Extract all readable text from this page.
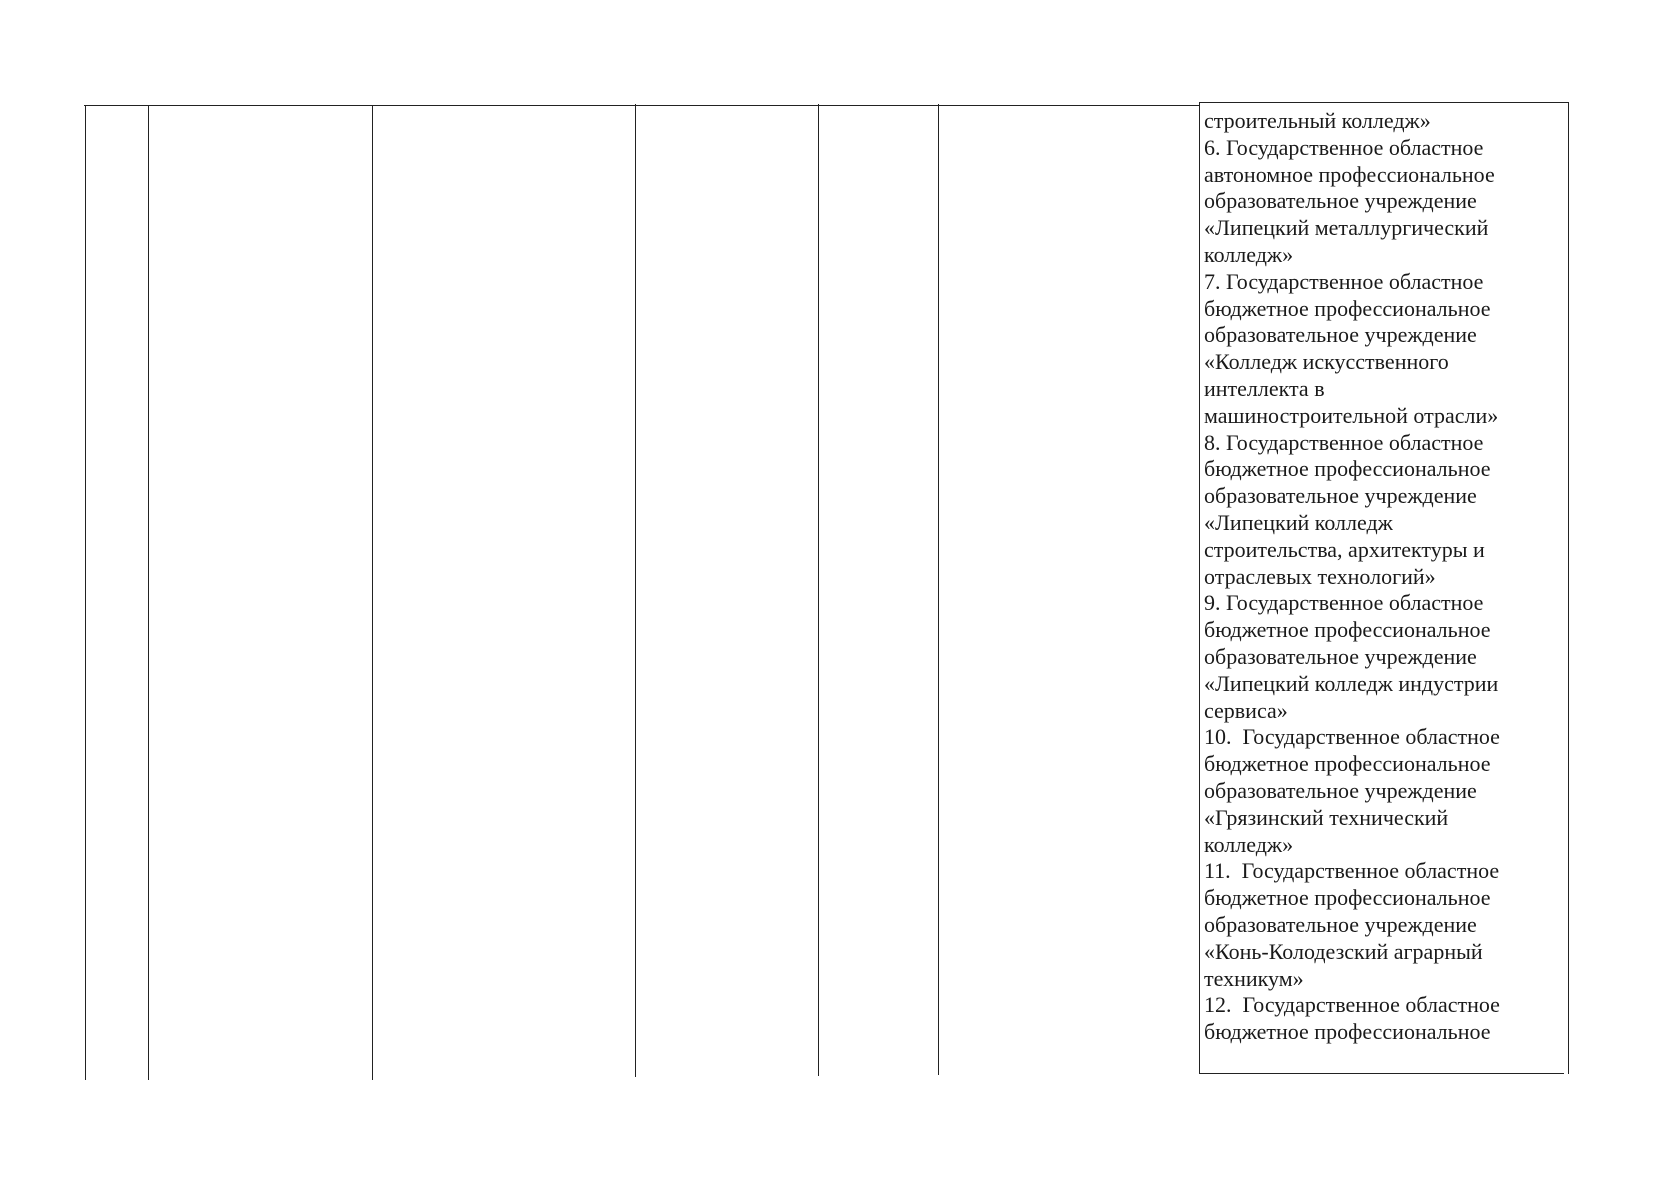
строительный колледж»
6. Государственное областное
автономное профессиональное
образовательное учреждение
«Липецкий металлургический
колледж»
7. Государственное областное
бюджетное профессиональное
образовательное учреждение
«Колледж искусственного
интеллекта в
машиностроительной отрасли»
8. Государственное областное
бюджетное профессиональное
образовательное учреждение
«Липецкий колледж
строительства, архитектуры и
отраслевых технологий»
9. Государственное областное
бюджетное профессиональное
образовательное учреждение
«Липецкий колледж индустрии
сервиса»
10.  Государственное областное
бюджетное профессиональное
образовательное учреждение
«Грязинский технический
колледж»
11.  Государственное областное
бюджетное профессиональное
образовательное учреждение
«Конь-Колодезский аграрный
техникум»
12.  Государственное областное
бюджетное профессиональное
